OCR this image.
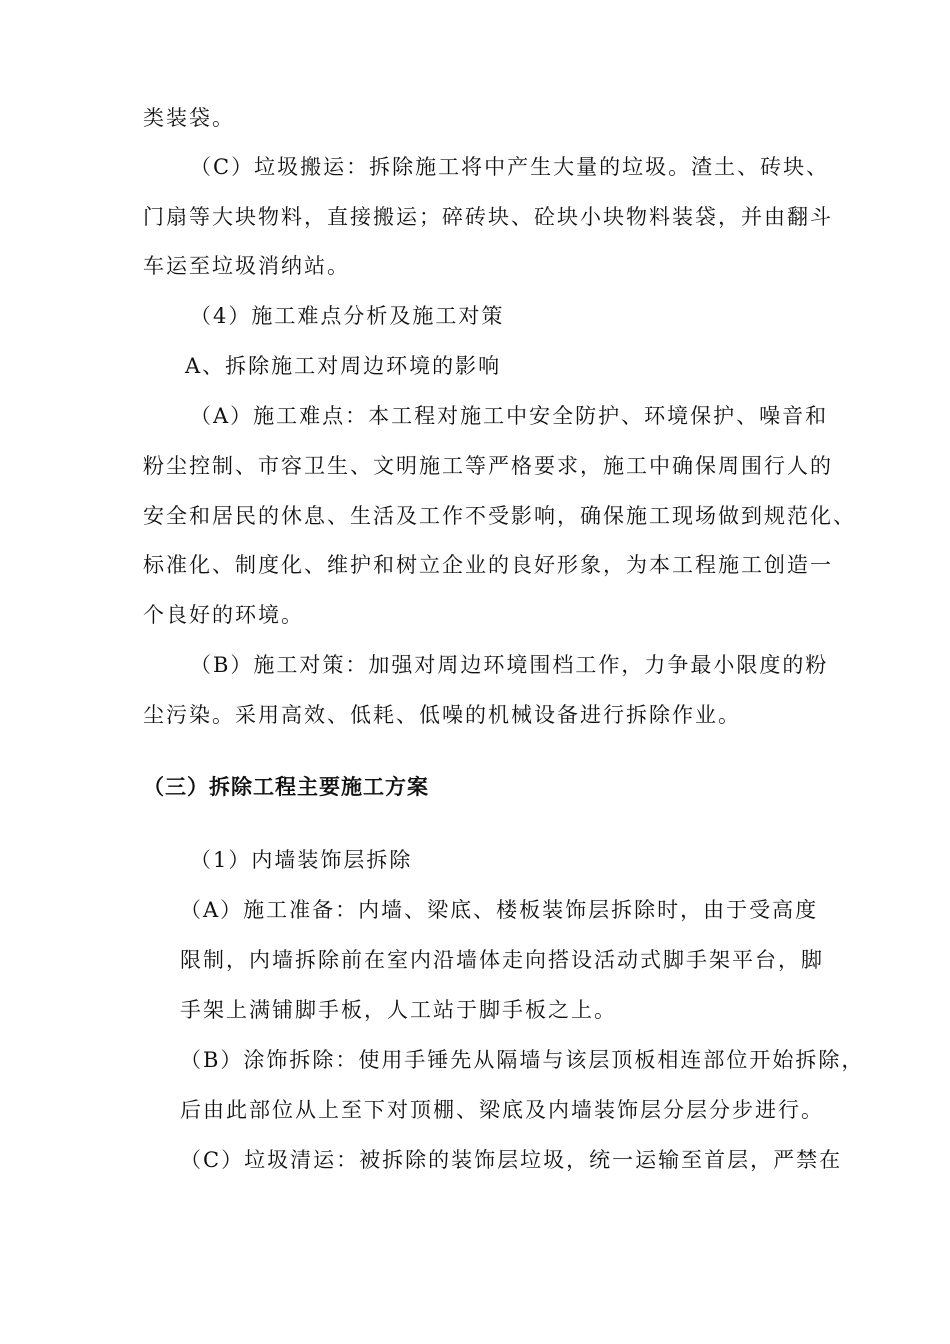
类装袋。
（C）垃圾搬运：拆除施工将中产生大量的垃圾。渣土、砖块、
门扇等大块物料，直接搬运；碎砖块、砼块小块物料装袋，并由翻斗
车运至垃圾消纳站。
（4）施工难点分析及施工对策
A、拆除施工对周边环境的影响
（A）施工难点：本工程对施工中安全防护、环境保护、噪音和
粉尘控制、市容卫生、文明施工等严格要求，施工中确保周围行人的
安全和居民的休息、生活及工作不受影响，确保施工现场做到规范化、
标准化、制度化、维护和树立企业的良好形象，为本工程施工创造一
个良好的环境。
（B）施工对策：加强对周边环境围档工作，力争最小限度的粉
尘污染。采用高效、低耗、低噪的机械设备进行拆除作业。
（三）拆除工程主要施工方案
（1）内墙装饰层拆除
（A）施工准备：内墙、梁底、楼板装饰层拆除时，由于受高度
限制，内墙拆除前在室内沿墙体走向搭设活动式脚手架平台，脚
手架上满铺脚手板，人工站于脚手板之上。
（B）涂饰拆除：使用手锤先从隔墙与该层顶板相连部位开始拆除，
后由此部位从上至下对顶棚、梁底及内墙装饰层分层分步进行。
（C）垃圾清运：被拆除的装饰层垃圾，统一运输至首层，严禁在
